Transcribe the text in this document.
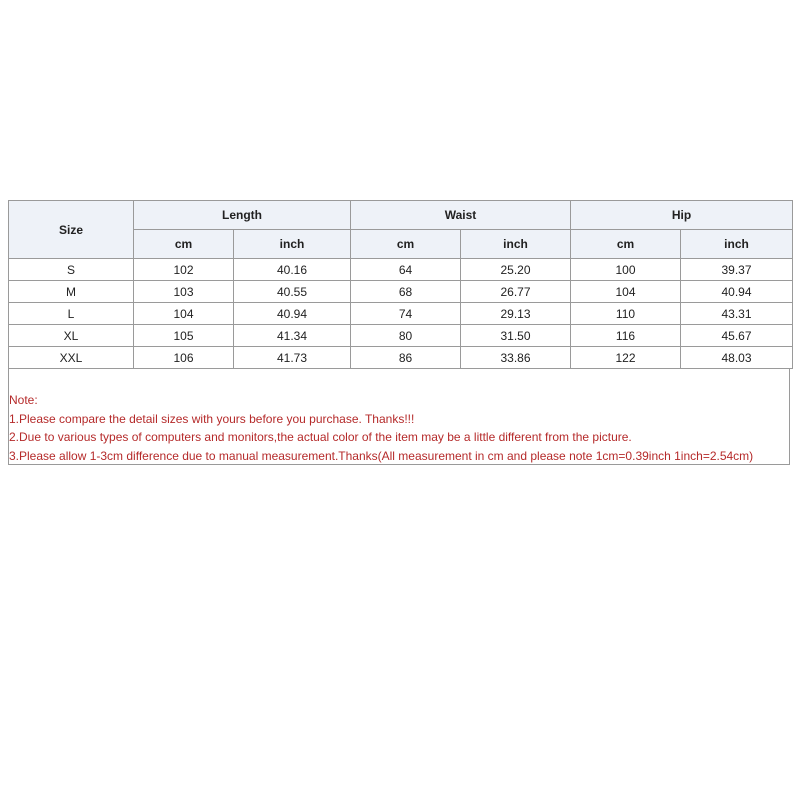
Size	Length		Waist		Hip	
	cm	inch	cm	inch	cm	inch
S	102	40.16	64	25.20	100	39.37
M	103	40.55	68	26.77	104	40.94
L	104	40.94	74	29.13	110	43.31
XL	105	41.34	80	31.50	116	45.67
XXL	106	41.73	86	33.86	122	48.03
Note:
1.Please compare the detail sizes with yours before you purchase. Thanks!!!
2.Due to various types of computers and monitors,the actual color of the item may be a little different from the picture.
3.Please allow 1-3cm difference due to manual measurement.Thanks(All measurement in cm and please note 1cm=0.39inch 1inch=2.54cm)
